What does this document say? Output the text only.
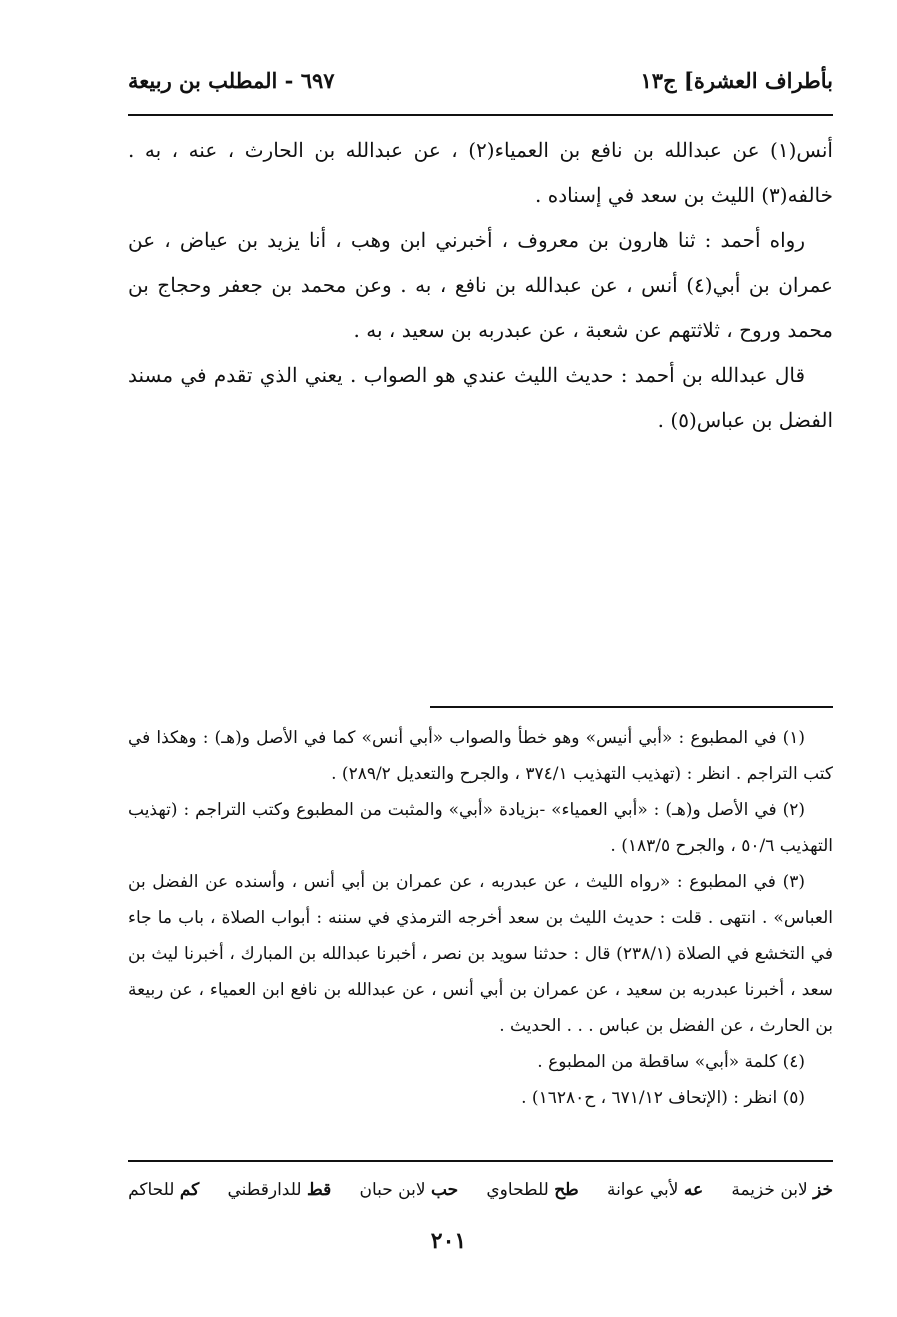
بأطراف العشرة] ج١٣
٦٩٧ - المطلب بن ربيعة

أنس(١) عن عبدالله بن نافع بن العمياء(٢) ، عن عبدالله بن الحارث ، عنه ، به . خالفه(٣) الليث بن سعد في إسناده .

رواه أحمد : ثنا هارون بن معروف ، أخبرني ابن وهب ، أنا يزيد بن عياض ، عن عمران بن أبي(٤) أنس ، عن عبدالله بن نافع ، به . وعن محمد بن جعفر وحجاج بن محمد وروح ، ثلاثتهم عن شعبة ، عن عبدربه بن سعيد ، به .

قال عبدالله بن أحمد : حديث الليث عندي هو الصواب . يعني الذي تقدم في مسند الفضل بن عباس(٥) .

(١) في المطبوع : «أبي أنيس» وهو خطأ والصواب «أبي أنس» كما في الأصل و(هـ) : وهكذا في كتب التراجم . انظر : (تهذيب التهذيب ٣٧٤/١ ، والجرح والتعديل ٢٨٩/٢) .

(٢) في الأصل و(هـ) : «أبي العمياء» -بزيادة «أبي» والمثبت من المطبوع وكتب التراجم : (تهذيب التهذيب ٥٠/٦ ، والجرح ١٨٣/٥) .

(٣) في المطبوع : «رواه الليث ، عن عبدربه ، عن عمران بن أبي أنس ، وأسنده عن الفضل بن العباس» . انتهى . قلت : حديث الليث بن سعد أخرجه الترمذي في سننه : أبواب الصلاة ، باب ما جاء في التخشع في الصلاة (٢٣٨/١) قال : حدثنا سويد بن نصر ، أخبرنا عبدالله بن المبارك ، أخبرنا ليث بن سعد ، أخبرنا عبدربه بن سعيد ، عن عمران بن أبي أنس ، عن عبدالله بن نافع ابن العمياء ، عن ربيعة بن الحارث ، عن الفضل بن عباس . . . الحديث .

(٤) كلمة «أبي» ساقطة من المطبوع .

(٥) انظر : (الإتحاف ٦٧١/١٢ ، ح١٦٢٨٠) .

خز لابن خزيمة
عه لأبي عوانة
طح للطحاوي
حب لابن حبان
قط للدارقطني
كم للحاكم
٢٠١
